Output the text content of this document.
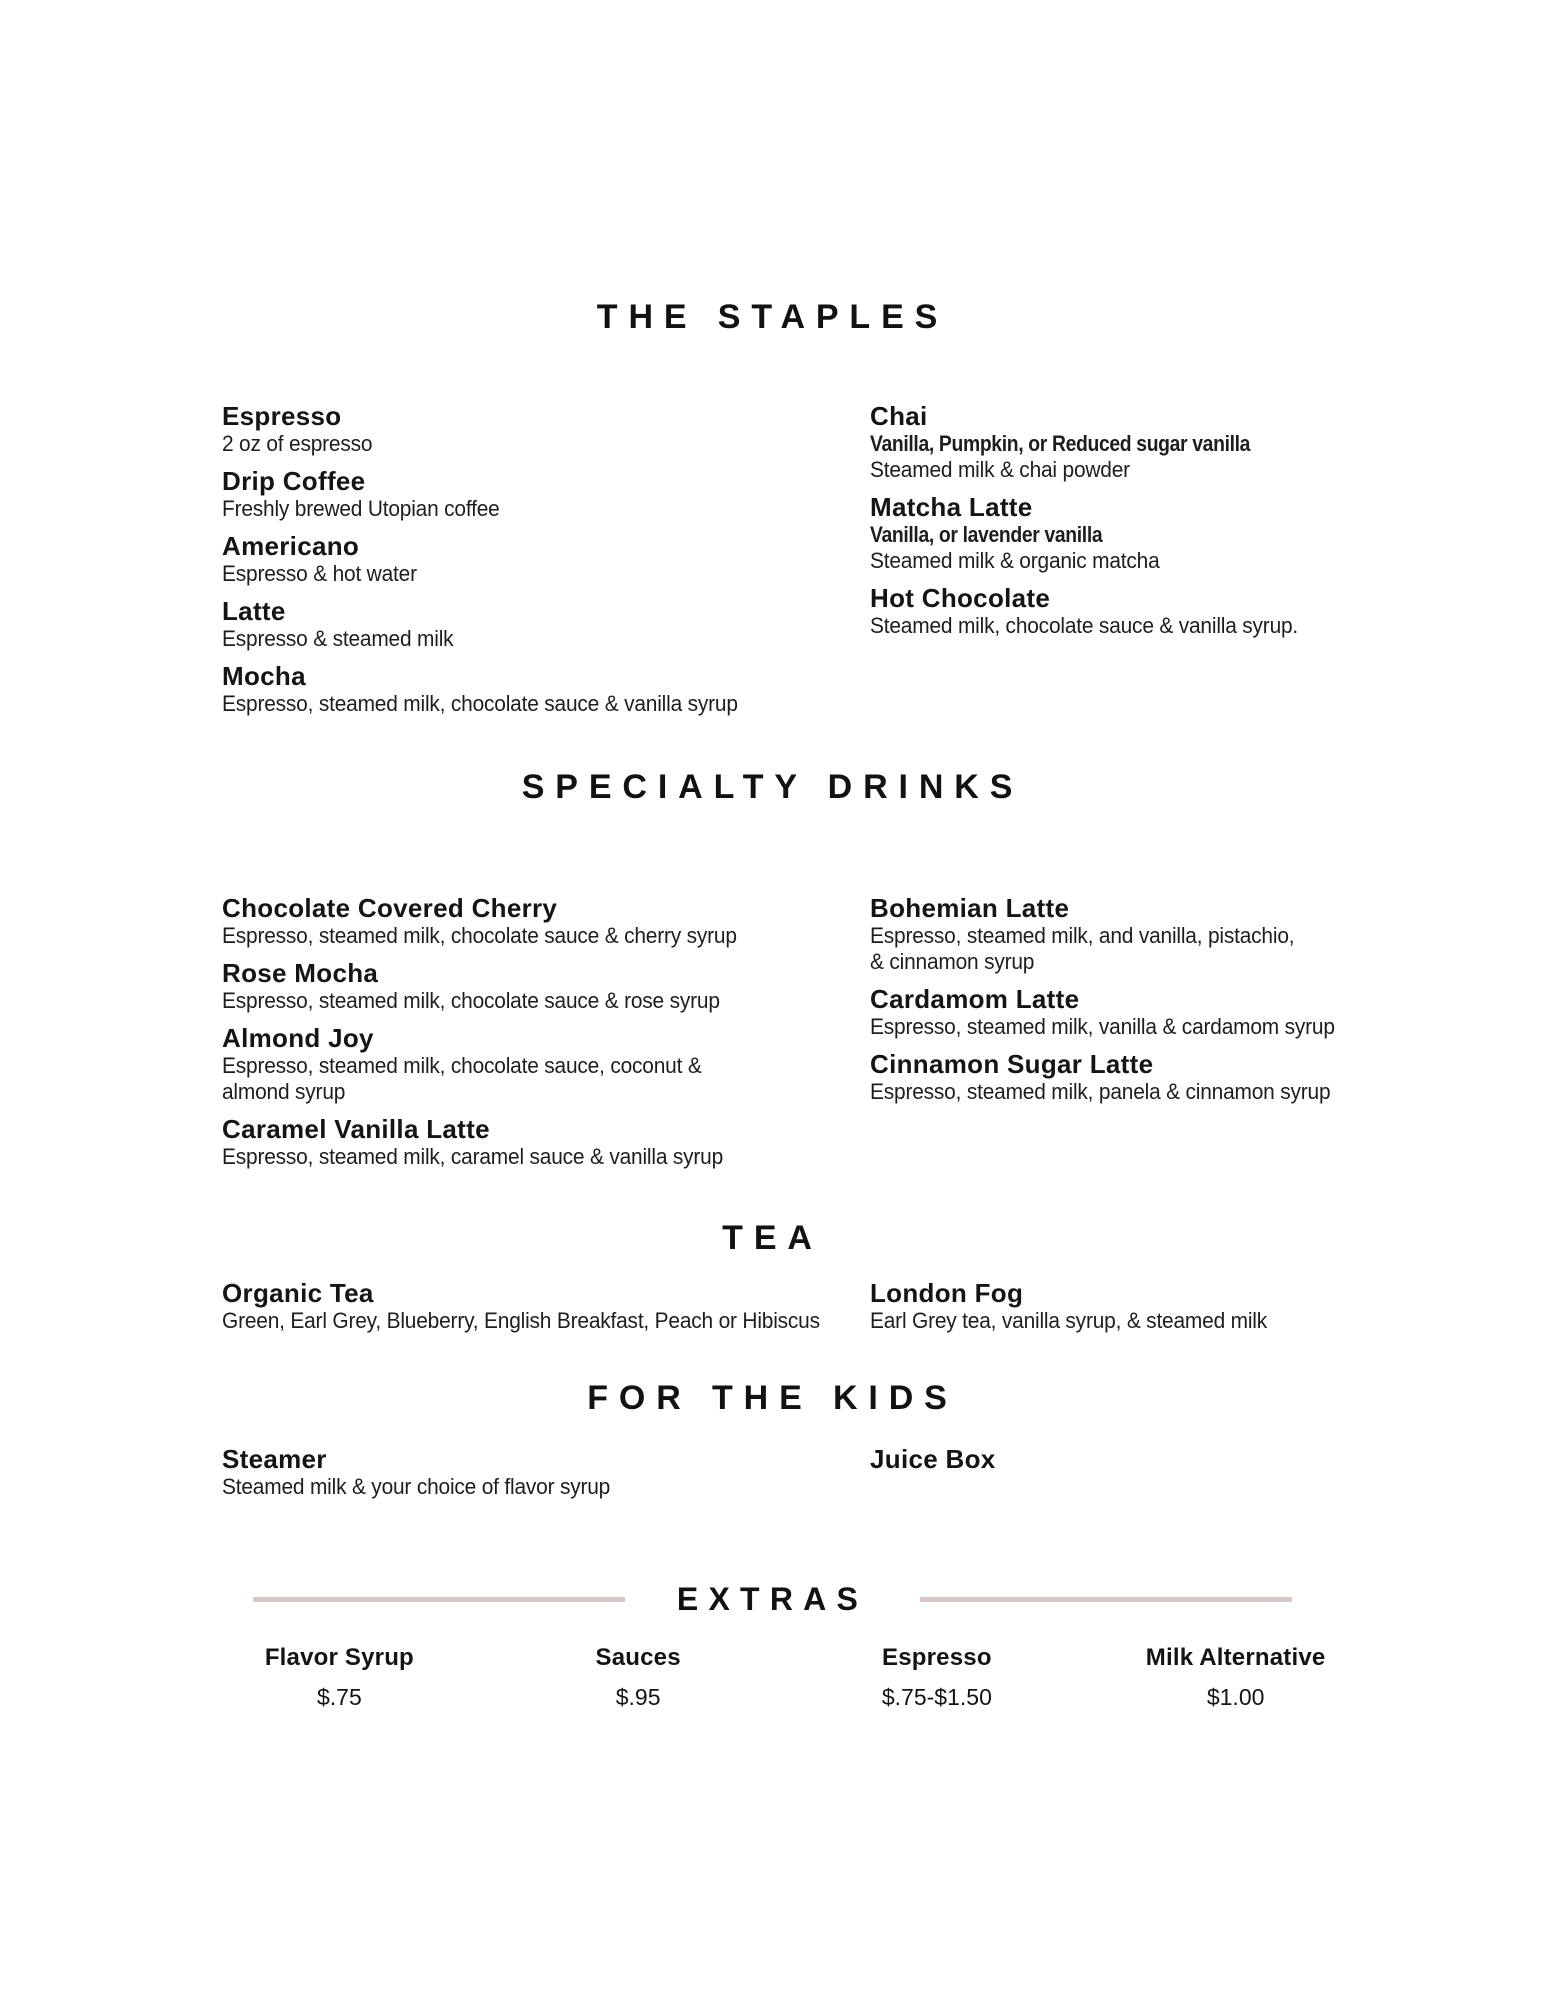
THE STAPLES
Espresso

2 oz of espresso

Drip Coffee

Freshly brewed Utopian coffee

Americano

Espresso & hot water

Latte

Espresso & steamed milk

Mocha

Espresso, steamed milk, chocolate sauce & vanilla syrup

Chai

Vanilla, Pumpkin, or Reduced sugar vanilla

Steamed milk & chai powder

Matcha Latte

Vanilla, or lavender vanilla

Steamed milk & organic matcha

Hot Chocolate

Steamed milk, chocolate sauce & vanilla syrup.

SPECIALTY DRINKS
Chocolate Covered Cherry

Espresso, steamed milk, chocolate sauce & cherry syrup

Rose Mocha

Espresso, steamed milk, chocolate sauce & rose syrup

Almond Joy

Espresso, steamed milk, chocolate sauce, coconut &

almond syrup

Caramel Vanilla Latte

Espresso, steamed milk, caramel sauce & vanilla syrup

Bohemian Latte

Espresso, steamed milk, and vanilla, pistachio,

& cinnamon syrup

Cardamom Latte

Espresso, steamed milk, vanilla & cardamom syrup

Cinnamon Sugar Latte

Espresso, steamed milk, panela & cinnamon syrup

TEA
Organic Tea

Green, Earl Grey, Blueberry, English Breakfast, Peach or Hibiscus

London Fog

Earl Grey tea, vanilla syrup, & steamed milk

FOR THE KIDS
Steamer

Steamed milk & your choice of flavor syrup

Juice Box
EXTRAS
Flavor Syrup
$.75
Sauces
$.95
Espresso
$.75-$1.50
Milk Alternative
$1.00
